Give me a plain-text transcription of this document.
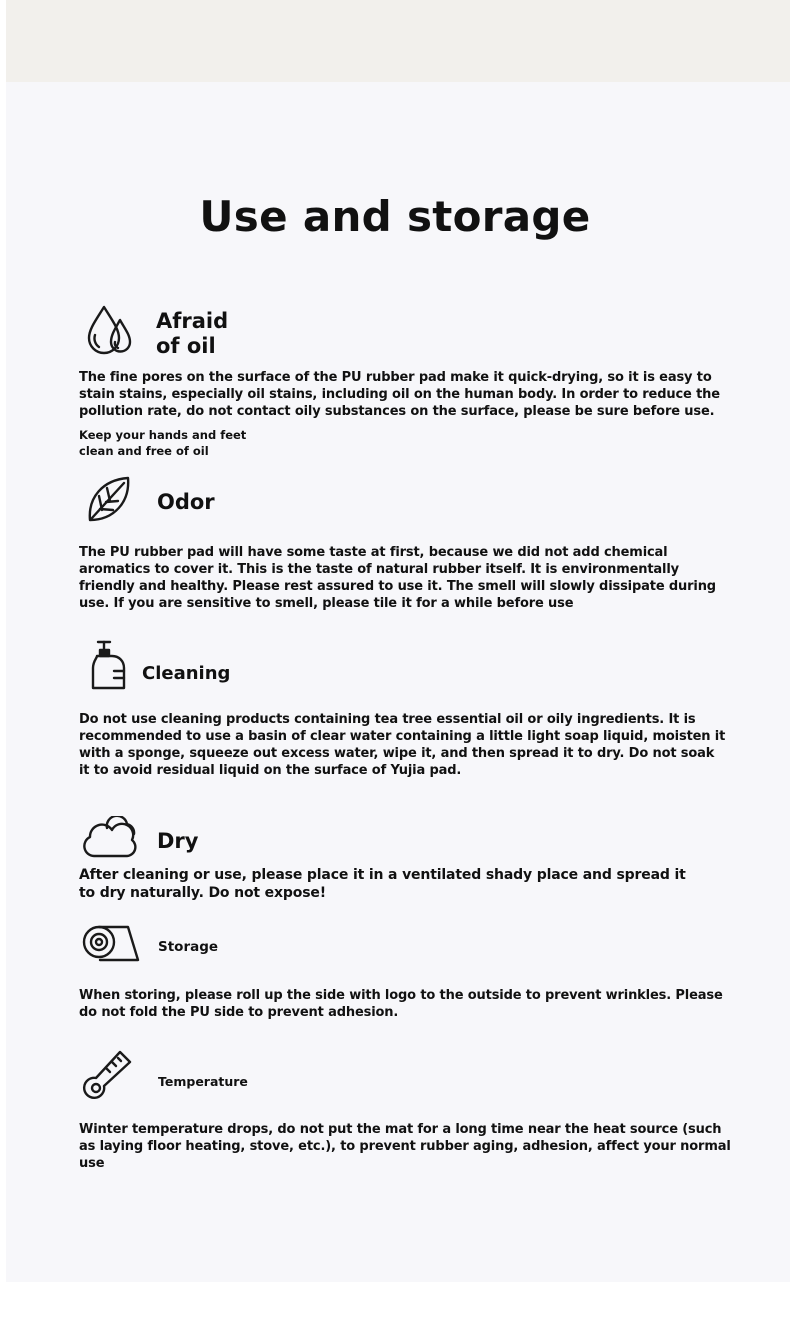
Use and storage
Afraid
of oil
The fine pores on the surface of the PU rubber pad make it quick-drying, so it is easy to stain stains, especially oil stains, including oil on the human body. In order to reduce the pollution rate, do not contact oily substances on the surface, please be sure before use.
Keep your hands and feet
clean and free of oil
Odor
The PU rubber pad will have some taste at first, because we did not add chemical aromatics to cover it. This is the taste of natural rubber itself. It is environmentally friendly and healthy. Please rest assured to use it. The smell will slowly dissipate during use. If you are sensitive to smell, please tile it for a while before use
Cleaning
Do not use cleaning products containing tea tree essential oil or oily ingredients. It is recommended to use a basin of clear water containing a little light soap liquid, moisten it with a sponge, squeeze out excess water, wipe it, and then spread it to dry. Do not soak it to avoid residual liquid on the surface of Yujia pad.
Dry
After cleaning or use, please place it in a ventilated shady place and spread it
to dry naturally. Do not expose!
Storage
When storing, please roll up the side with logo to the outside to prevent wrinkles. Please do not fold the PU side to prevent adhesion.
Temperature
Winter temperature drops, do not put the mat for a long time near the heat source (such as laying floor heating, stove, etc.), to prevent rubber aging, adhesion, affect your normal use
